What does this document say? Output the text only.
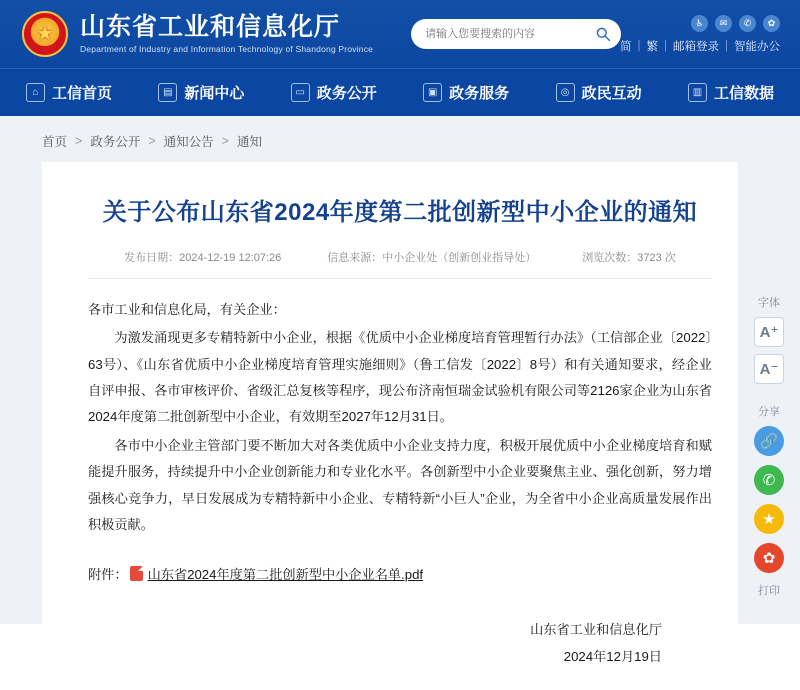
★
山东省工业和信息化厅
Department of Industry and Information Technology of Shandong Province
请输入您要搜索的内容
♿	✉	✆	✿
简 | 繁 | 邮箱登录 | 智能办公
⌂ 工信首页	▤ 新闻中心	▭ 政务公开	▣ 政务服务	◎ 政民互动	▥ 工信数据
首页 > 政务公开 > 通知公告 > 通知
关于公布山东省2024年度第二批创新型中小企业的通知
发布日期：2024-12-19 12:07:26	信息来源：中小企业处（创新创业指导处）	浏览次数：3723 次

各市工业和信息化局，有关企业：

为激发涌现更多专精特新中小企业，根据《优质中小企业梯度培育管理暂行办法》（工信部企业〔2022〕63号）、《山东省优质中小企业梯度培育管理实施细则》（鲁工信发〔2022〕8号）和有关通知要求，经企业自评申报、各市审核评价、省级汇总复核等程序，现公布济南恒瑞金试验机有限公司等2126家企业为山东省2024年度第二批创新型中小企业，有效期至2027年12月31日。

各市中小企业主管部门要不断加大对各类优质中小企业支持力度，积极开展优质中小企业梯度培育和赋能提升服务，持续提升中小企业创新能力和专业化水平。各创新型中小企业要聚焦主业、强化创新，努力增强核心竞争力，早日发展成为专精特新中小企业、专精特新“小巨人”企业，为全省中小企业高质量发展作出积极贡献。

附件： 山东省2024年度第二批创新型中小企业名单.pdf
山东省工业和信息化厅
2024年12月19日
字体
A⁺
A⁻
分享
🔗
✆
★
✿
打印
